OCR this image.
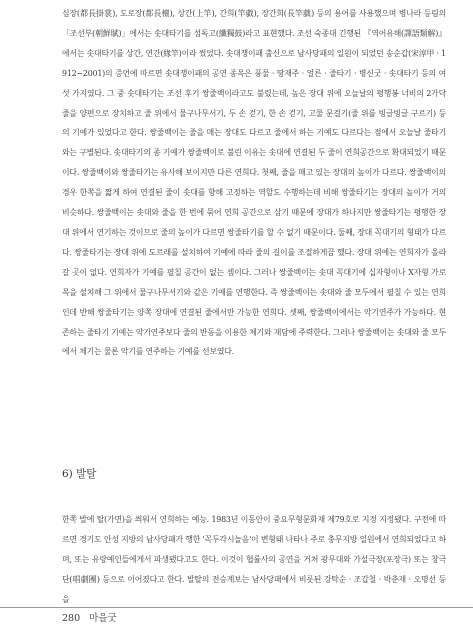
심장(都長掛裳), 도로장(都長檀), 상간(上竿), 간희(竿戱), 장간희(長竿戱) 등의 용어를 사용했으며 병나라 등림의 「조선부(朝鮮賦)」에서는 솟대타기를 섬독고(纖獨鼓)라고 표현했다. 조선 숙종대 긴행된 『역어유해(譯語類解)』에서는 솟대타기를 상간, 연간(緣竿)이라 썼었다. 솟대쟁이패 출신으로 남사당패의 일원이 되었던 송순갑(宋淳甲 · 1912~2001)의 증언에 따르면 솟대쟁이패의 공연 종목은 풍물 · 땅재주 · 얼른 · 줄타기 · 병신굿 · 솟대타기 등의 여섯 가지였다. 그 중 솟대타기는 조선 후기 쌍줄백이라고도 불렸는데, 높은 장대 위에 오늘날의 평행봉 너비의 2가닥 줄을 양편으로 장치하고 줄 위에서 물구나무서기, 두 손 걷기, 한 손 걷기, 고물 문걸기(줄 위를 빙글빙글 구르기) 등의 기예가 있었다고 한다. 쌍줄백이는 줄을 매는 장대도 다르고 줄에서 하는 기예도 다르다는 점에서 오늘날 줄타기와는 구별된다. 솟대타기의 종 기예가 쌍줄백이로 불린 이유는 솟대에 연결된 두 줄이 연희공간으로 확대되었기 때문이다. 쌍줄백이와 쌍줄타기는 유사해 보이지만 다른 연희다. 첫째, 줄을 매고 있는 장대의 높이가 다르다. 쌍줄백이의 경우 한쪽을 짧게 하여 연결된 줄이 솟대를 향해 고정하는 역할도 수행하는데 비해 쌍줄타기는 장대의 높이가 거의 비슷하다. 쌍줄백이는 솟대와 줄을 한 번에 묶어 연희 공간으로 삼기 때문에 장대가 하나지만 쌍줄타기는 평행한 장대 위에서 연기하는 것이므로 줄의 높이가 다르면 쌍줄타기를 할 수 없기 때문이다. 둘째, 장대 꼭대기의 형태가 다르다. 쌍줄타기는 장대 위에 도르래를 설치하여 기예에 따라 줄의 길이를 조절하게끔 했다. 장대 위에는 연희자가 올라갈 곳이 없다. 연희자가 기예를 펼칠 공간이 없는 셈이다. 그러나 쌍줄백이는 솟대 꼭대기에 십자형이나 X자형 가로목을 설치해 그 위에서 물구나무서기와 같은 기예를 연행한다. 즉 쌍줄백이는 솟대와 줄 모두에서 펼칠 수 있는 연희인데 반해 쌍줄타기는 양쪽 장대에 연결된 줄에서만 가능한 연희다. 셋째, 쌍줄백이에서는 악기연주가 가능하다. 현존하는 줄타기 기예는 악기연주보다 줄의 반동을 이용한 체기와 재담에 주력한다. 그러나 쌍줄백이는 솟대와 줄 모두에서 체기는 물론 악기를 연주하는 기예를 선보였다.

6) 발탈

한쪽 발에 탈(가면)을 씌워서 연희하는 예능. 1983년 이동안이 중요무형문화재 제79호로 지정 지정됐다. 구전에 따르면 경기도 안성 지방의 남사당패가 행한 '꼭두각시놀음'이 변형돼 나타나 주로 충무지방 일원에서 연희되었다고 하며, 또는 유랑예인들에게서 파생됐다고도 한다. 이것이 협률사의 공연을 거쳐 광무대와 가설극장(포장극) 또는 창극단(唱劇團) 등으로 이어졌다고 한다. 발탈의 전승계보는 남사당패에서 비롯된 강탁순 · 조갑철 · 박춘재 · 오명선 등을

280 마을굿
